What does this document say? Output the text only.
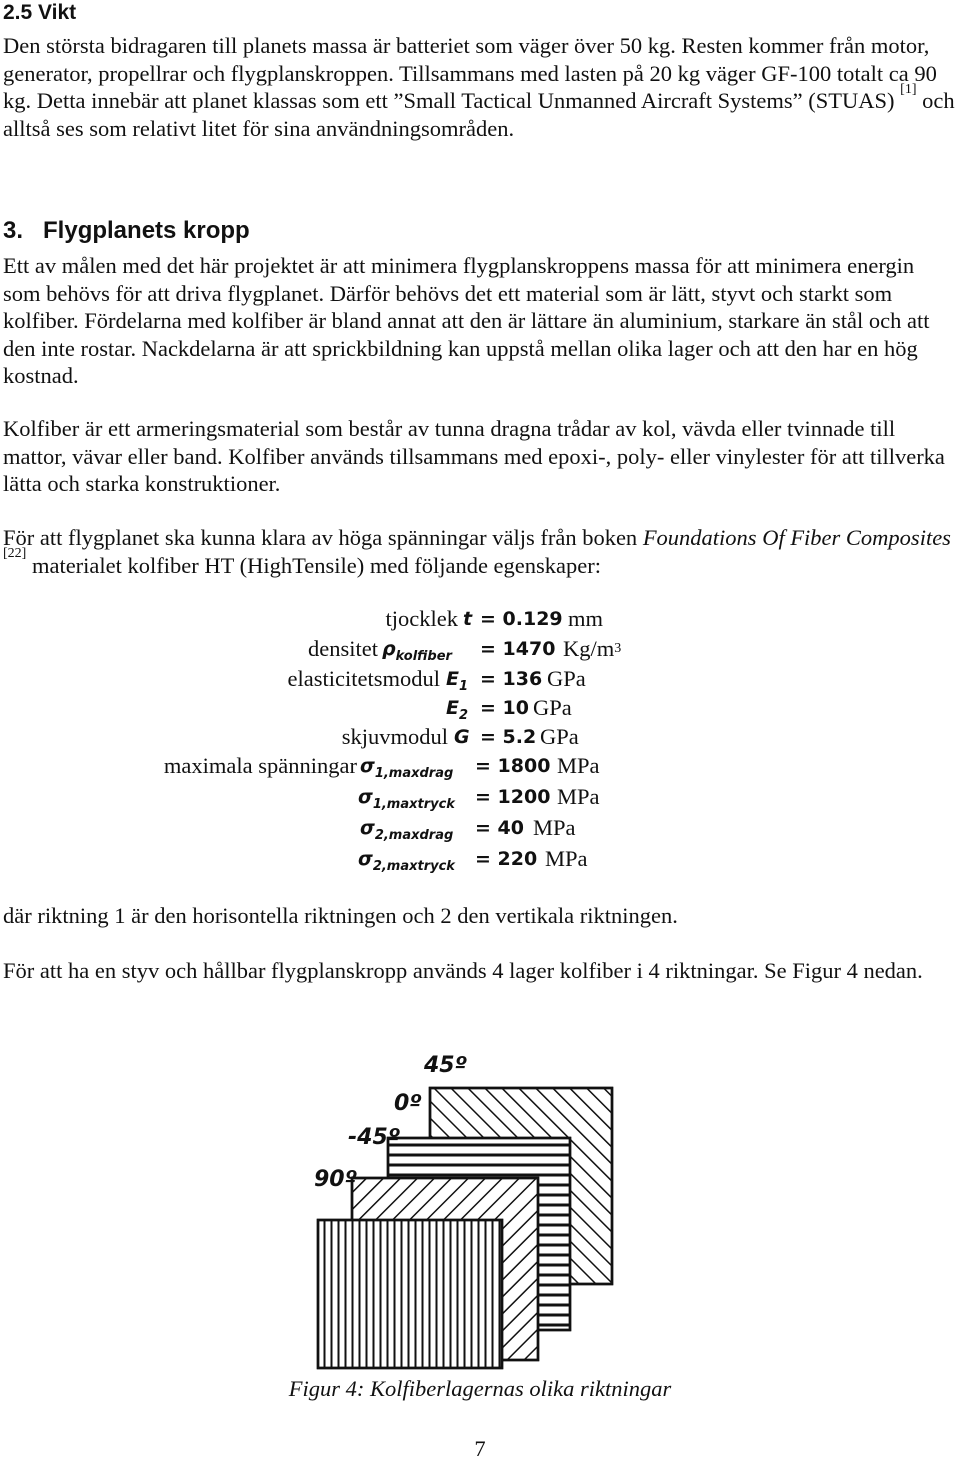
2.5 Vikt

Den största bidragaren till planets massa är batteriet som väger över 50 kg. Resten kommer från motor, generator, propellrar och flygplanskroppen. Tillsammans med lasten på 20 kg väger GF-100 totalt ca 90 kg. Detta innebär att planet klassas som ett ”Small Tactical Unmanned Aircraft Systems” (STUAS) [1] och alltså ses som relativt litet för sina användningsområden.

3.   Flygplanets kropp

Ett av målen med det här projektet är att minimera flygplanskroppens massa för att minimera energin som behövs för att driva flygplanet. Därför behövs det ett material som är lätt, styvt och starkt som kolfiber. Fördelarna med kolfiber är bland annat att den är lättare än aluminium, starkare än stål och att den inte rostar. Nackdelarna är att sprickbildning kan uppstå mellan olika lager och att den har en hög kostnad.

Kolfiber är ett armeringsmaterial som består av tunna dragna trådar av kol, vävda eller tvinnade till mattor, vävar eller band. Kolfiber används tillsammans med epoxi-, poly- eller vinylester för att tillverka lätta och starka konstruktioner.

För att flygplanet ska kunna klara av höga spänningar väljs från boken Foundations Of Fiber Composites [22] materialet kolfiber HT (HighTensile) med följande egenskaper:

tjocklek t = 0.129 mm
densitet $\rho_{kolfiber} = 1470$ $Kg/m^3$
elasticitetsmodul $E_1 = 136$ GPa
$E_2 = 10$ GPa
skjuvmodul G = 5.2 GPa
maximala spänningar $\sigma_{1,maxdrag} = 1800$ MPa
$\sigma_{1,maxtryck} = 1200$ MPa
$\sigma_{2,maxdrag} = 40$ MPa
$\sigma_{2,maxtryck} = 220$ MPa

där riktning 1 är den horisontella riktningen och 2 den vertikala riktningen.

För att ha en styv och hållbar flygplanskropp används 4 lager kolfiber i 4 riktningar. Se Figur 4 nedan.

45º
0º
-45º
90º
Figur 4: Kolfiberlagernas olika riktningar
7
